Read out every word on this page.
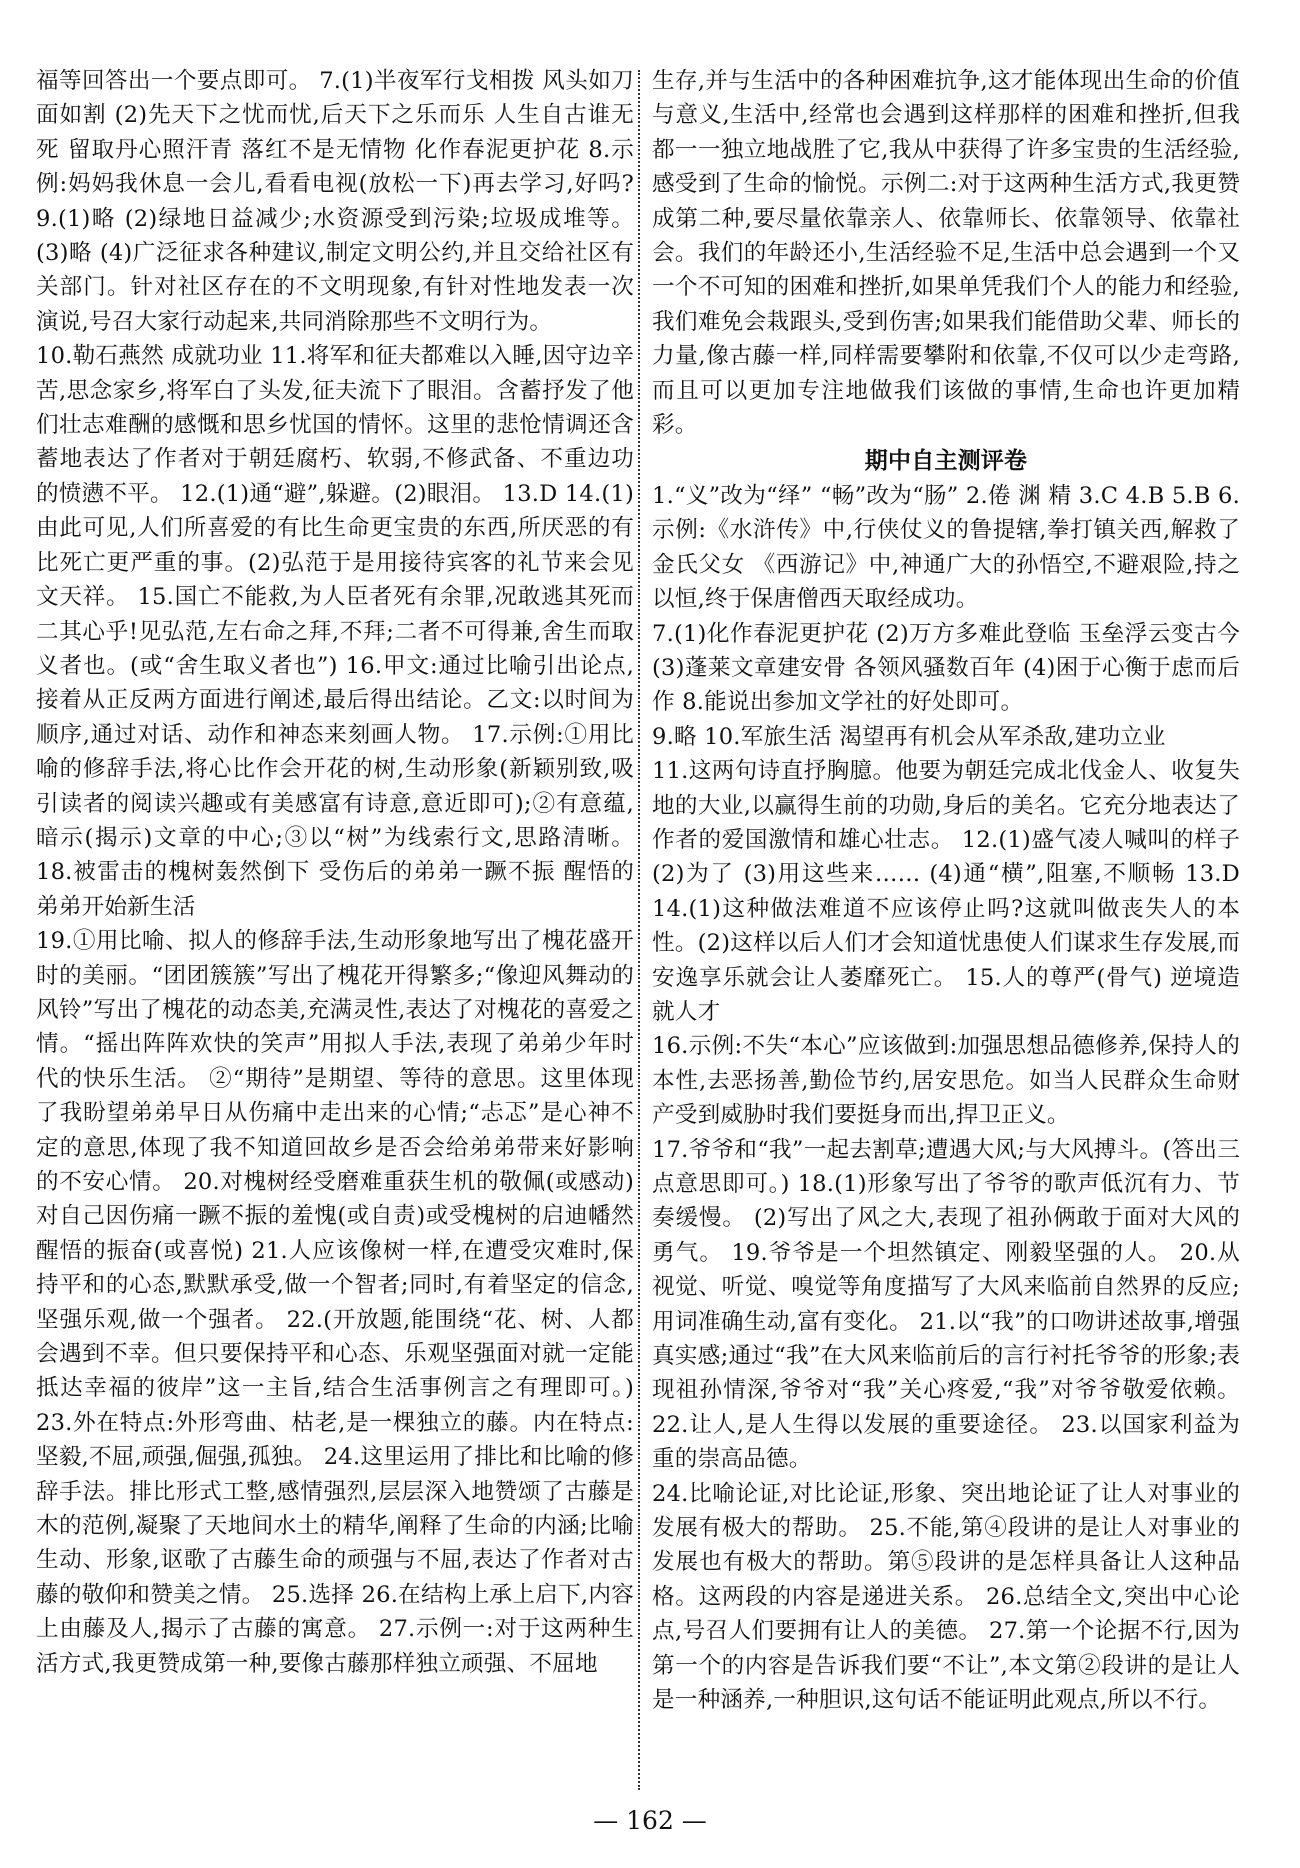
福等回答出一个要点即可。 7.(1)半夜军行戈相拨 风头如刀面如割 (2)先天下之忧而忧,后天下之乐而乐 人生自古谁无死 留取丹心照汗青 落红不是无情物 化作春泥更护花 8.示例:妈妈我休息一会儿,看看电视(放松一下)再去学习,好吗? 9.(1)略 (2)绿地日益减少;水资源受到污染;垃圾成堆等。 (3)略 (4)广泛征求各种建议,制定文明公约,并且交给社区有关部门。针对社区存在的不文明现象,有针对性地发表一次演说,号召大家行动起来,共同消除那些不文明行为。

10.勒石燕然 成就功业 11.将军和征夫都难以入睡,因守边辛苦,思念家乡,将军白了头发,征夫流下了眼泪。含蓄抒发了他们壮志难酬的感慨和思乡忧国的情怀。这里的悲怆情调还含蓄地表达了作者对于朝廷腐朽、软弱,不修武备、不重边功的愤懑不平。 12.(1)通“避”,躲避。(2)眼泪。 13.D 14.(1)由此可见,人们所喜爱的有比生命更宝贵的东西,所厌恶的有比死亡更严重的事。(2)弘范于是用接待宾客的礼节来会见文天祥。 15.国亡不能救,为人臣者死有余罪,况敢逃其死而二其心乎!见弘范,左右命之拜,不拜;二者不可得兼,舍生而取义者也。(或“舍生取义者也”) 16.甲文:通过比喻引出论点,接着从正反两方面进行阐述,最后得出结论。乙文:以时间为顺序,通过对话、动作和神态来刻画人物。 17.示例:①用比喻的修辞手法,将心比作会开花的树,生动形象(新颖别致,吸引读者的阅读兴趣或有美感富有诗意,意近即可);②有意蕴,暗示(揭示)文章的中心;③以“树”为线索行文,思路清晰。 18.被雷击的槐树轰然倒下 受伤后的弟弟一蹶不振 醒悟的弟弟开始新生活

19.①用比喻、拟人的修辞手法,生动形象地写出了槐花盛开时的美丽。“团团簇簇”写出了槐花开得繁多;“像迎风舞动的风铃”写出了槐花的动态美,充满灵性,表达了对槐花的喜爱之情。“摇出阵阵欢快的笑声”用拟人手法,表现了弟弟少年时代的快乐生活。 ②“期待”是期望、等待的意思。这里体现了我盼望弟弟早日从伤痛中走出来的心情;“忐忑”是心神不定的意思,体现了我不知道回故乡是否会给弟弟带来好影响的不安心情。 20.对槐树经受磨难重获生机的敬佩(或感动) 对自己因伤痛一蹶不振的羞愧(或自责)或受槐树的启迪幡然醒悟的振奋(或喜悦) 21.人应该像树一样,在遭受灾难时,保持平和的心态,默默承受,做一个智者;同时,有着坚定的信念,坚强乐观,做一个强者。 22.(开放题,能围绕“花、树、人都会遇到不幸。但只要保持平和心态、乐观坚强面对就一定能抵达幸福的彼岸”这一主旨,结合生活事例言之有理即可。) 23.外在特点:外形弯曲、枯老,是一棵独立的藤。内在特点:坚毅,不屈,顽强,倔强,孤独。 24.这里运用了排比和比喻的修辞手法。排比形式工整,感情强烈,层层深入地赞颂了古藤是木的范例,凝聚了天地间水土的精华,阐释了生命的内涵;比喻生动、形象,讴歌了古藤生命的顽强与不屈,表达了作者对古藤的敬仰和赞美之情。 25.选择 26.在结构上承上启下,内容上由藤及人,揭示了古藤的寓意。 27.示例一:对于这两种生活方式,我更赞成第一种,要像古藤那样独立顽强、不屈地

生存,并与生活中的各种困难抗争,这才能体现出生命的价值与意义,生活中,经常也会遇到这样那样的困难和挫折,但我都一一独立地战胜了它,我从中获得了许多宝贵的生活经验,感受到了生命的愉悦。示例二:对于这两种生活方式,我更赞成第二种,要尽量依靠亲人、依靠师长、依靠领导、依靠社会。我们的年龄还小,生活经验不足,生活中总会遇到一个又一个不可知的困难和挫折,如果单凭我们个人的能力和经验,我们难免会栽跟头,受到伤害;如果我们能借助父辈、师长的力量,像古藤一样,同样需要攀附和依靠,不仅可以少走弯路,而且可以更加专注地做我们该做的事情,生命也许更加精彩。

期中自主测评卷

1.“义”改为“绎” “畅”改为“肠” 2.倦 渊 精 3.C 4.B 5.B 6.示例:《水浒传》中,行侠仗义的鲁提辖,拳打镇关西,解救了金氏父女 《西游记》中,神通广大的孙悟空,不避艰险,持之以恒,终于保唐僧西天取经成功。

7.(1)化作春泥更护花 (2)万方多难此登临 玉垒浮云变古今 (3)蓬莱文章建安骨 各领风骚数百年 (4)困于心衡于虑而后作 8.能说出参加文学社的好处即可。

9.略 10.军旅生活 渴望再有机会从军杀敌,建功立业

11.这两句诗直抒胸臆。他要为朝廷完成北伐金人、收复失地的大业,以赢得生前的功勋,身后的美名。它充分地表达了作者的爱国激情和雄心壮志。 12.(1)盛气凌人喊叫的样子 (2)为了 (3)用这些来…… (4)通“横”,阻塞,不顺畅 13.D 14.(1)这种做法难道不应该停止吗?这就叫做丧失人的本性。(2)这样以后人们才会知道忧患使人们谋求生存发展,而安逸享乐就会让人萎靡死亡。 15.人的尊严(骨气) 逆境造就人才

16.示例:不失“本心”应该做到:加强思想品德修养,保持人的本性,去恶扬善,勤俭节约,居安思危。如当人民群众生命财产受到威胁时我们要挺身而出,捍卫正义。

17.爷爷和“我”一起去割草;遭遇大风;与大风搏斗。(答出三点意思即可。) 18.(1)形象写出了爷爷的歌声低沉有力、节奏缓慢。 (2)写出了风之大,表现了祖孙俩敢于面对大风的勇气。 19.爷爷是一个坦然镇定、刚毅坚强的人。 20.从视觉、听觉、嗅觉等角度描写了大风来临前自然界的反应;用词准确生动,富有变化。 21.以“我”的口吻讲述故事,增强真实感;通过“我”在大风来临前后的言行衬托爷爷的形象;表现祖孙情深,爷爷对“我”关心疼爱,“我”对爷爷敬爱依赖。 22.让人,是人生得以发展的重要途径。 23.以国家利益为重的崇高品德。

24.比喻论证,对比论证,形象、突出地论证了让人对事业的发展有极大的帮助。 25.不能,第④段讲的是让人对事业的发展也有极大的帮助。第⑤段讲的是怎样具备让人这种品格。这两段的内容是递进关系。 26.总结全文,突出中心论点,号召人们要拥有让人的美德。 27.第一个论据不行,因为第一个的内容是告诉我们要“不让”,本文第②段讲的是让人是一种涵养,一种胆识,这句话不能证明此观点,所以不行。

— 162 —
